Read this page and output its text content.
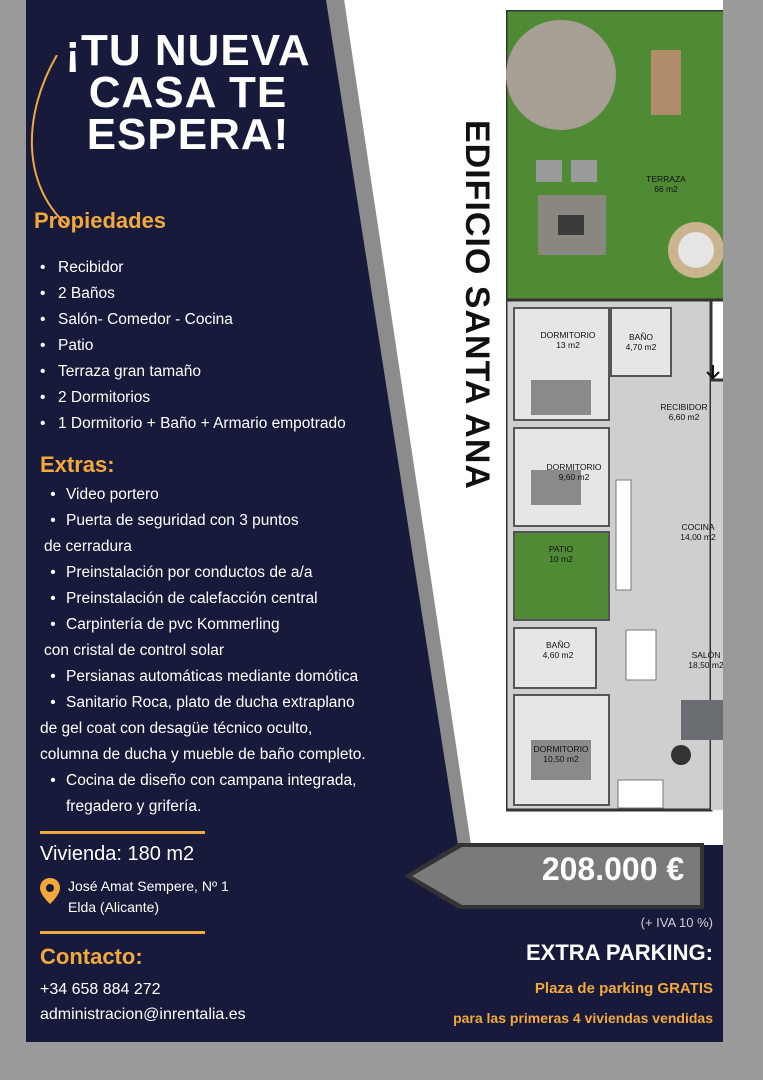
¡TU NUEVA
CASA TE
ESPERA!
Propiedades
• Recibidor
• 2 Baños
• Salón- Comedor - Cocina
• Patio
• Terraza gran tamaño
• 2 Dormitorios
• 1 Dormitorio + Baño + Armario empotrado
Extras:
• Video portero
• Puerta de seguridad con 3 puntos
de cerradura
• Preinstalación por conductos de a/a
• Preinstalación de calefacción central
• Carpintería de pvc Kommerling
con cristal de control solar
• Persianas automáticas mediante domótica
• Sanitario Roca, plato de ducha extraplano
de gel coat con desagüe técnico oculto,
columna de ducha y mueble de baño completo.
• Cocina de diseño con campana integrada,
fregadero y grifería.
Vivienda: 180 m2
José Amat Sempere, Nº 1
Elda (Alicante)
Contacto:
+34 658 884 272
administracion@inrentalia.es
EDIFICIO SANTA ANA	TERRAZA
66 m2
DORMITORIO
13 m2
BAÑO
4,70 m2
RECIBIDOR
6,60 m2
DORMITORIO
9,60 m2
COCINA
14,00 m2
PATIO
10 m2
BAÑO
4,60 m2	SALÓN
18,50 m2
DORMITORIO
10,50 m2
208.000 €
(+ IVA 10 %)
EXTRA PARKING:
Plaza de parking GRATIS
para las primeras 4 viviendas vendidas
